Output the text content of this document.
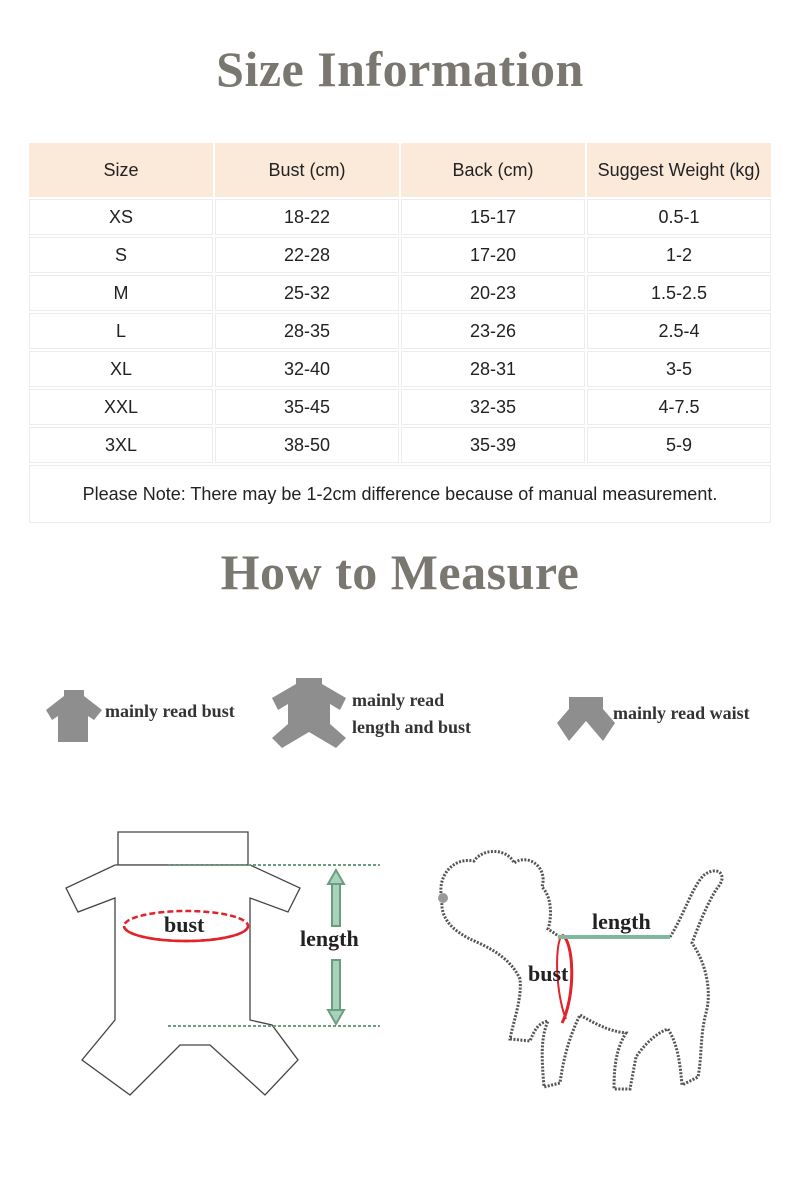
Size Information
Size	Bust (cm)	Back (cm)	Suggest Weight (kg)
XS	18-22	15-17	0.5-1
S	22-28	17-20	1-2
M	25-32	20-23	1.5-2.5
L	28-35	23-26	2.5-4
XL	32-40	28-31	3-5
XXL	35-45	32-35	4-7.5
3XL	38-50	35-39	5-9
Please Note: There may be 1-2cm difference because of manual measurement.			
How to Measure
mainly read bust
mainly read
length and bust
mainly read waist
length
bust	length
bust
